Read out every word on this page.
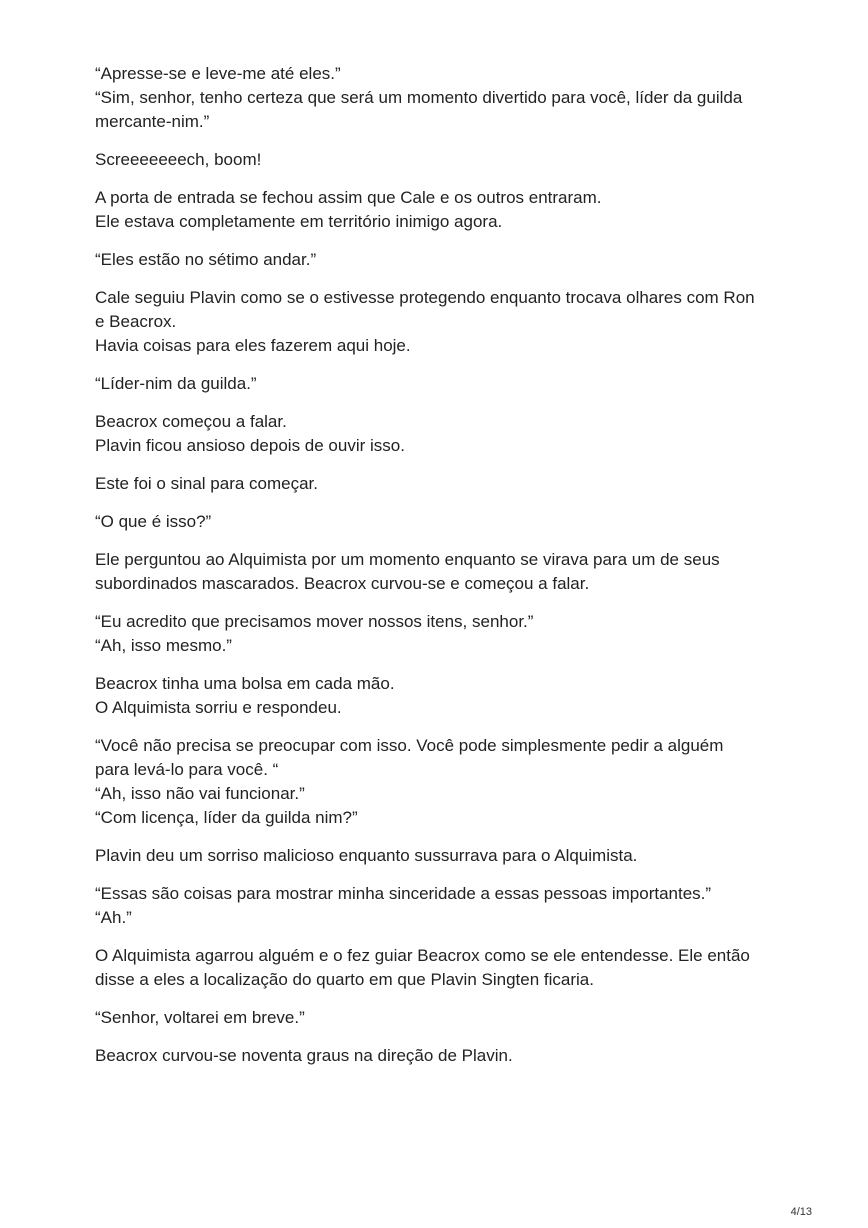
“Apresse-se e leve-me até eles.”
“Sim, senhor, tenho certeza que será um momento divertido para você, líder da guilda
mercante-nim.”

Screeeeeeech, boom!

A porta de entrada se fechou assim que Cale e os outros entraram.
Ele estava completamente em território inimigo agora.

“Eles estão no sétimo andar.”

Cale seguiu Plavin como se o estivesse protegendo enquanto trocava olhares com Ron
e Beacrox.
Havia coisas para eles fazerem aqui hoje.

“Líder-nim da guilda.”

Beacrox começou a falar.
Plavin ficou ansioso depois de ouvir isso.

Este foi o sinal para começar.

“O que é isso?”

Ele perguntou ao Alquimista por um momento enquanto se virava para um de seus
subordinados mascarados. Beacrox curvou-se e começou a falar.

“Eu acredito que precisamos mover nossos itens, senhor.”
“Ah, isso mesmo.”

Beacrox tinha uma bolsa em cada mão.
O Alquimista sorriu e respondeu.

“Você não precisa se preocupar com isso. Você pode simplesmente pedir a alguém
para levá-lo para você. “
“Ah, isso não vai funcionar.”
“Com licença, líder da guilda nim?”

Plavin deu um sorriso malicioso enquanto sussurrava para o Alquimista.

“Essas são coisas para mostrar minha sinceridade a essas pessoas importantes.”
“Ah.”

O Alquimista agarrou alguém e o fez guiar Beacrox como se ele entendesse. Ele então
disse a eles a localização do quarto em que Plavin Singten ficaria.

“Senhor, voltarei em breve.”

Beacrox curvou-se noventa graus na direção de Plavin.

4/13
